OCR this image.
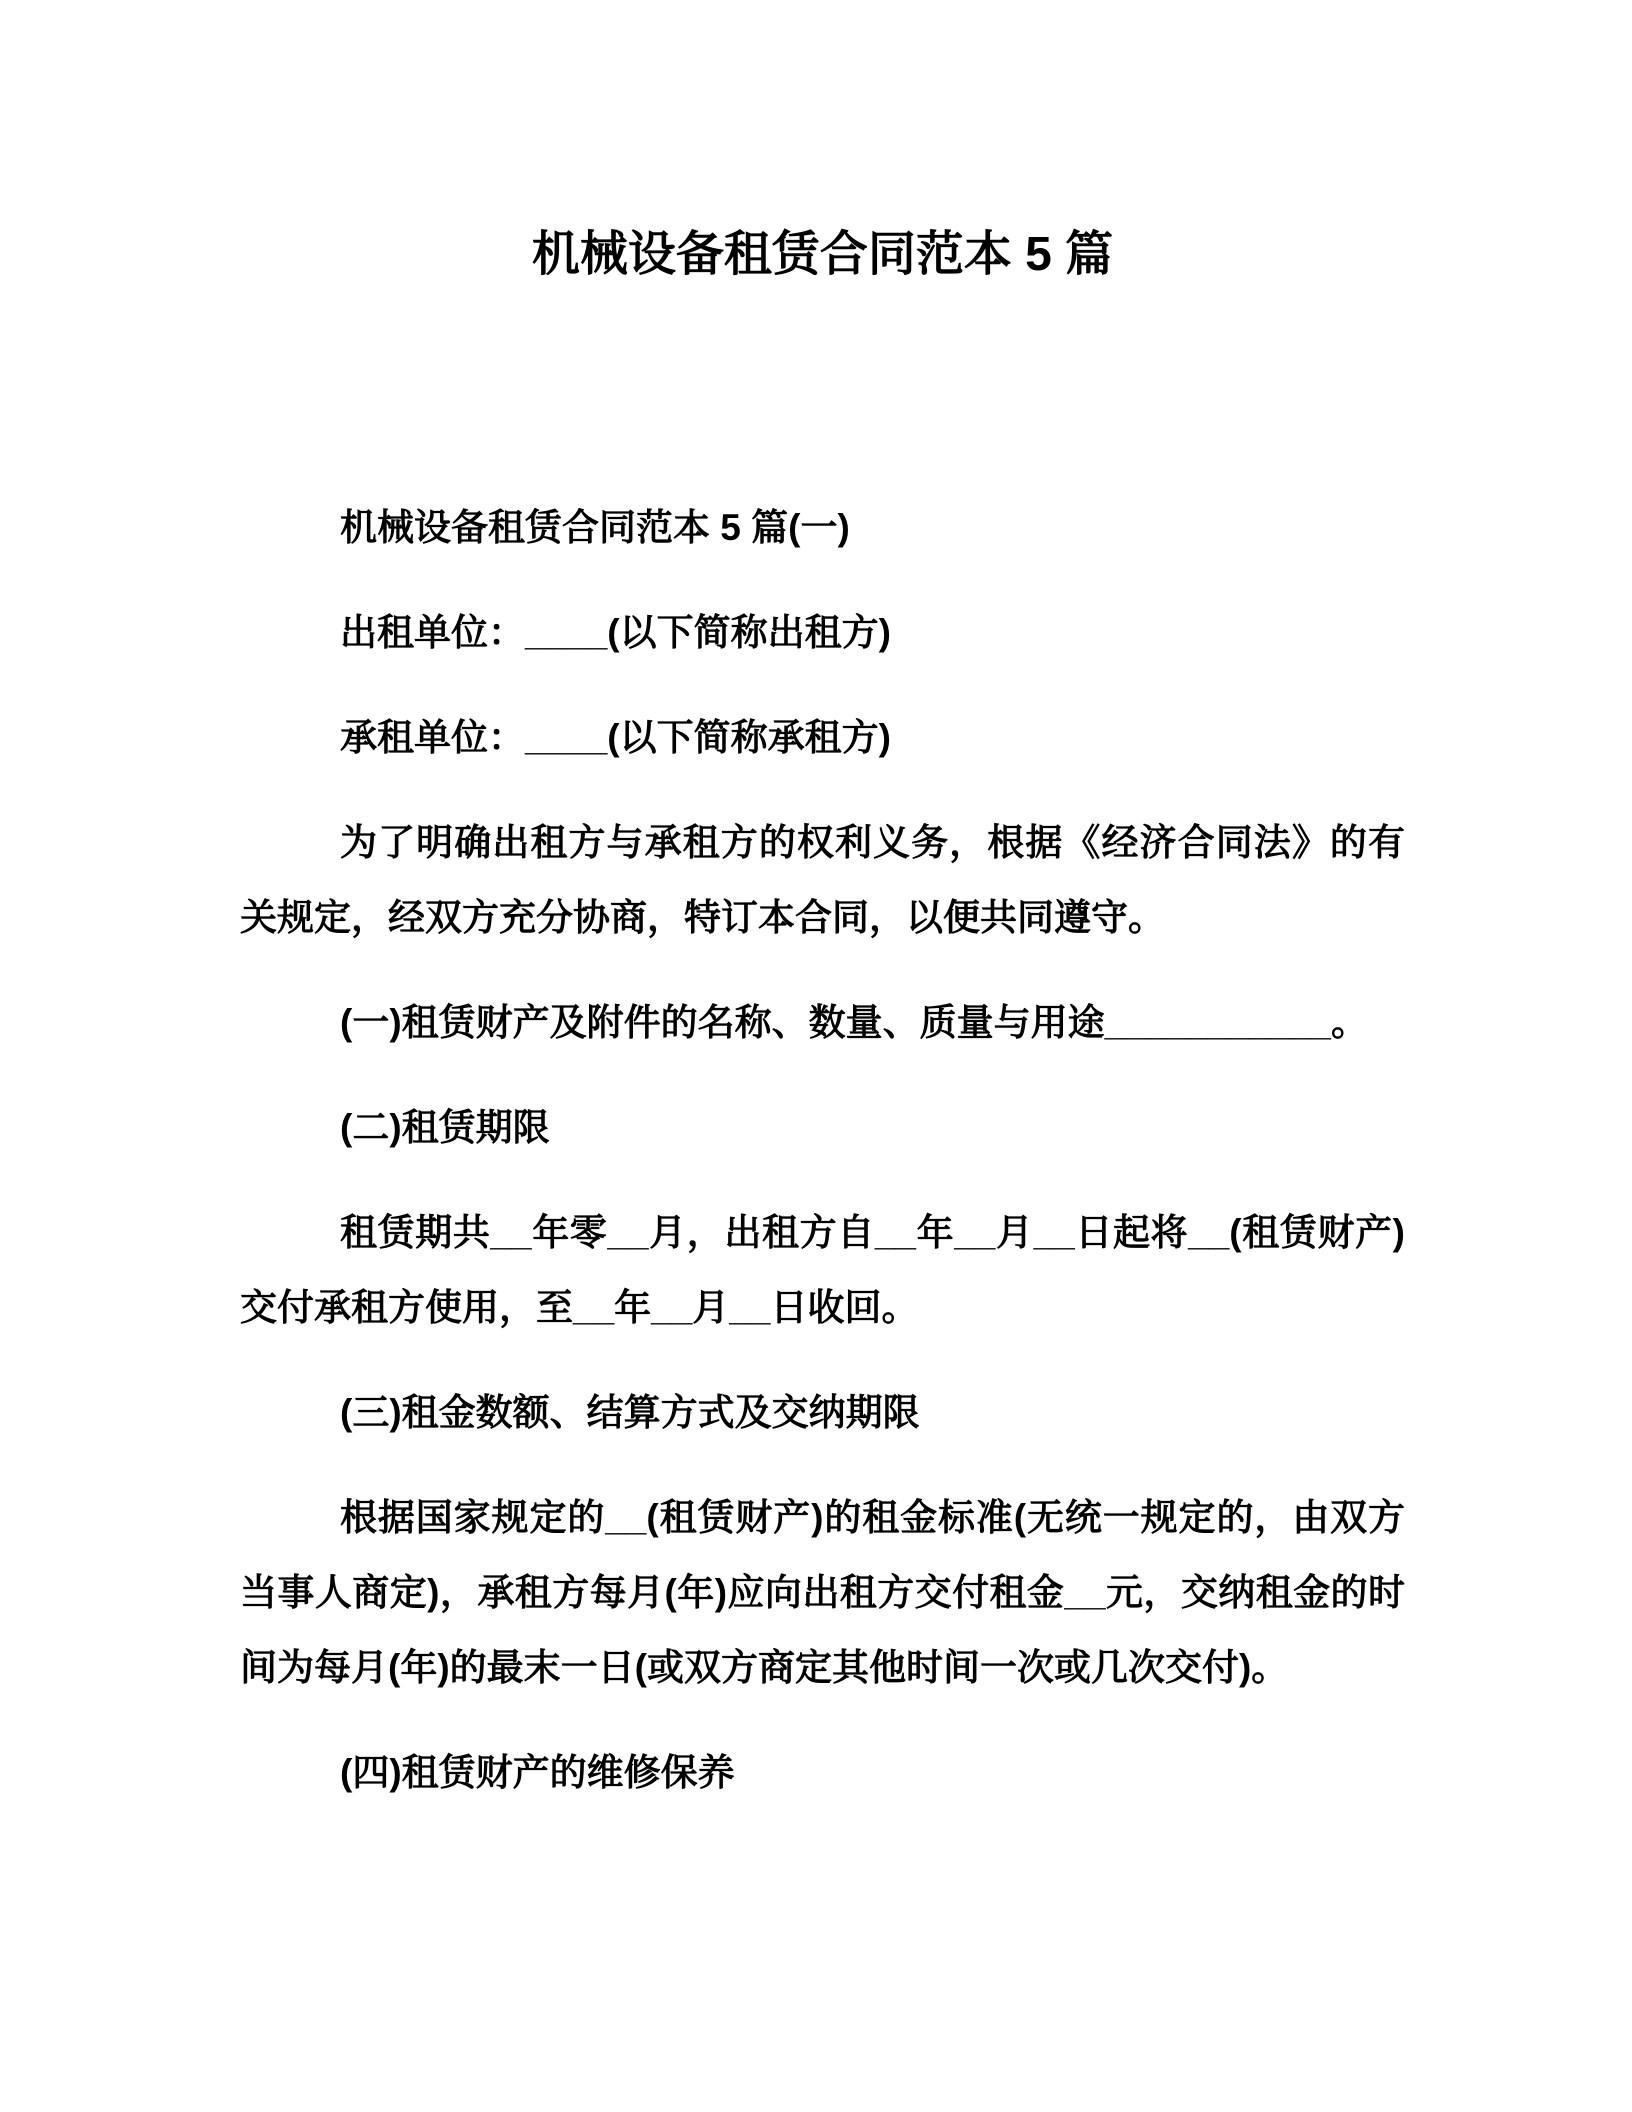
机械设备租赁合同范本 5 篇

机械设备租赁合同范本 5 篇(一)

出租单位：____(以下简称出租方)

承租单位：____(以下简称承租方)

为了明确出租方与承租方的权利义务，根据《经济合同法》的有关规定，经双方充分协商，特订本合同，以便共同遵守。

(一)租赁财产及附件的名称、数量、质量与用途___________。

(二)租赁期限

租赁期共__年零__月，出租方自__年__月__日起将__(租赁财产)交付承租方使用，至__年__月__日收回。

(三)租金数额、结算方式及交纳期限

根据国家规定的__(租赁财产)的租金标准(无统一规定的，由双方当事人商定)，承租方每月(年)应向出租方交付租金__元，交纳租金的时间为每月(年)的最末一日(或双方商定其他时间一次或几次交付)。

(四)租赁财产的维修保养
